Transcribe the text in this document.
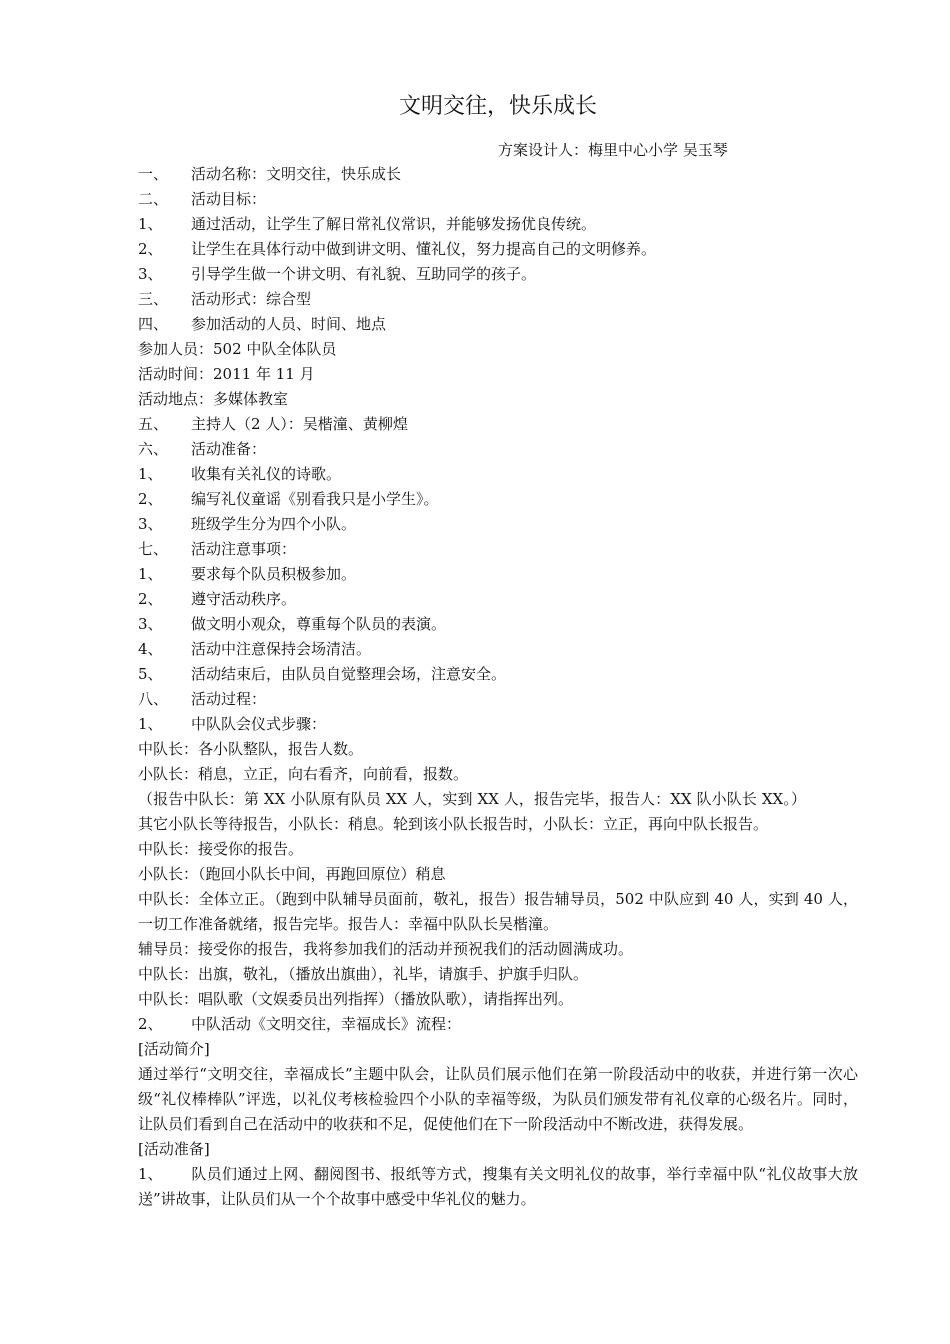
文明交往，快乐成长
方案设计人：梅里中心小学 吴玉琴
一、 活动名称：文明交往，快乐成长
二、 活动目标：
1、 通过活动，让学生了解日常礼仪常识，并能够发扬优良传统。
2、 让学生在具体行动中做到讲文明、懂礼仪，努力提高自己的文明修养。
3、 引导学生做一个讲文明、有礼貌、互助同学的孩子。
三、 活动形式：综合型
四、 参加活动的人员、时间、地点
参加人员：502 中队全体队员
活动时间：2011 年 11 月
活动地点：多媒体教室
五、 主持人（2 人）：吴楷潼、黄柳煌
六、 活动准备：
1、 收集有关礼仪的诗歌。
2、 编写礼仪童谣《别看我只是小学生》。
3、 班级学生分为四个小队。
七、 活动注意事项：
1、 要求每个队员积极参加。
2、 遵守活动秩序。
3、 做文明小观众，尊重每个队员的表演。
4、 活动中注意保持会场清洁。
5、 活动结束后，由队员自觉整理会场，注意安全。
八、 活动过程：
1、 中队队会仪式步骤：
中队长：各小队整队，报告人数。
小队长：稍息，立正，向右看齐，向前看，报数。
（报告中队长：第 XX 小队原有队员 XX 人，实到 XX 人，报告完毕，报告人：XX 队小队长 XX。）其它小队长等待报告，小队长：稍息。轮到该小队长报告时，小队长：立正，再向中队长报告。
中队长：接受你的报告。
小队长：（跑回小队长中间，再跑回原位）稍息
中队长：全体立正。（跑到中队辅导员面前，敬礼，报告）报告辅导员，502 中队应到 40 人，实到 40 人，一切工作准备就绪，报告完毕。报告人：幸福中队队长吴楷潼。
辅导员：接受你的报告，我将参加我们的活动并预祝我们的活动圆满成功。
中队长：出旗，敬礼，（播放出旗曲），礼毕，请旗手、护旗手归队。
中队长：唱队歌（文娱委员出列指挥）（播放队歌），请指挥出列。
2、 中队活动《文明交往，幸福成长》流程：
[活动简介]
通过举行“文明交往，幸福成长”主题中队会，让队员们展示他们在第一阶段活动中的收获，并进行第一次心级“礼仪棒棒队”评选，以礼仪考核检验四个小队的幸福等级，为队员们颁发带有礼仪章的心级名片。同时，让队员们看到自己在活动中的收获和不足，促使他们在下一阶段活动中不断改进，获得发展。
[活动准备]
1、 队员们通过上网、翻阅图书、报纸等方式，搜集有关文明礼仪的故事，举行幸福中队“礼仪故事大放送”讲故事，让队员们从一个个故事中感受中华礼仪的魅力。
